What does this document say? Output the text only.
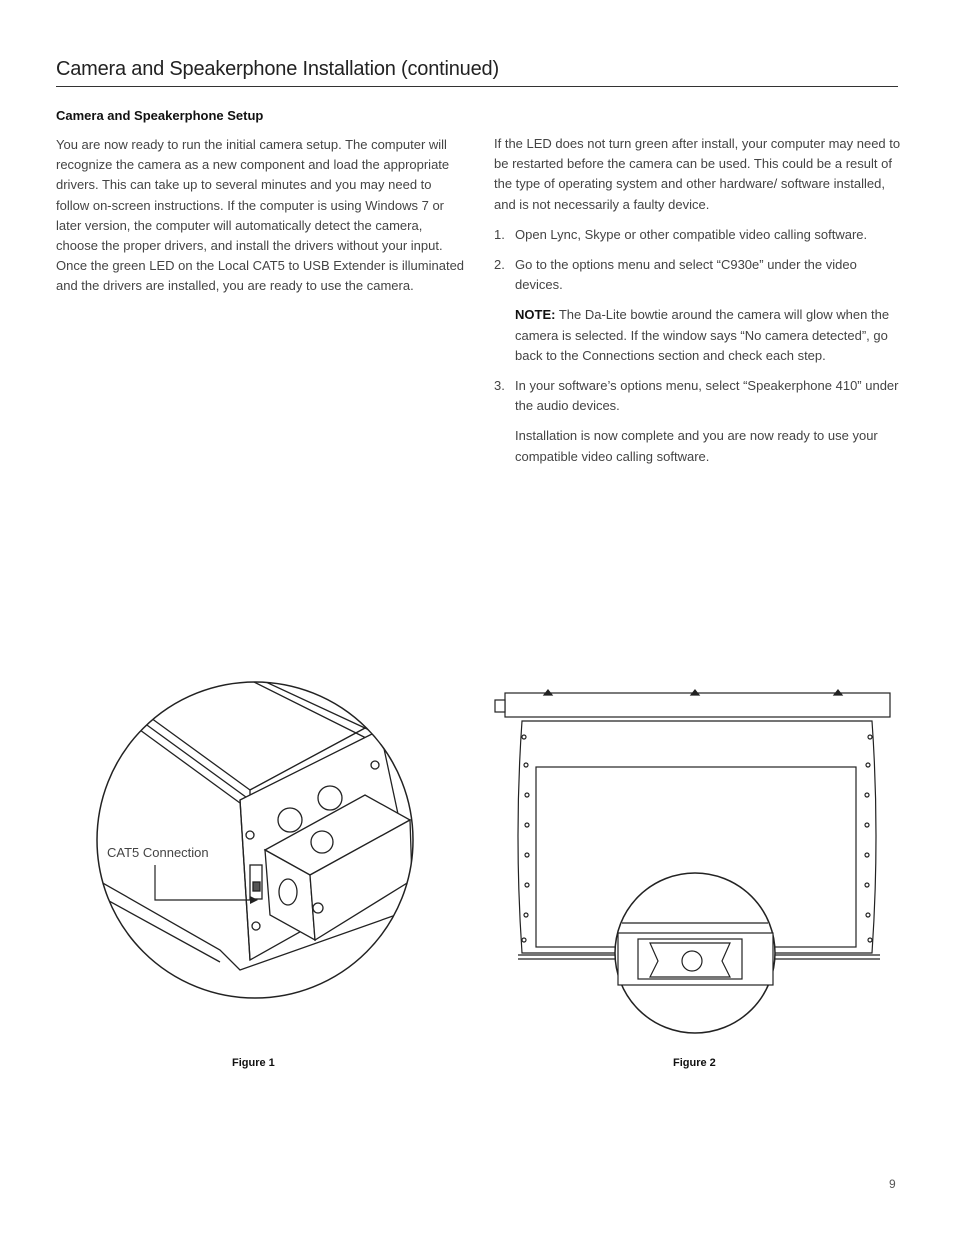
Camera and Speakerphone Installation (continued)
Camera and Speakerphone Setup

You are now ready to run the initial camera setup. The computer will recognize the camera as a new component and load the appropriate drivers. This can take up to several minutes and you may need to follow on-screen instructions. If the computer is using Windows 7 or later version, the computer will automatically detect the camera, choose the proper drivers, and install the drivers without your input. Once the green LED on the Local CAT5 to USB Extender is illuminated and the drivers are installed, you are ready to use the camera.

If the LED does not turn green after install, your computer may need to be restarted before the camera can be used. This could be a result of the type of operating system and other hardware/ software installed, and is not necessarily a faulty device.

1. Open Lync, Skype or other compatible video calling software.
2. Go to the options menu and select “C930e” under the video devices.
NOTE: The Da-Lite bowtie around the camera will glow when the camera is selected. If the window says “No camera detected”, go back to the Connections section and check each step.
3. In your software’s options menu, select “Speakerphone 410” under the audio devices.
Installation is now complete and you are now ready to use your compatible video calling software.
CAT5 Connection
Figure 1	Figure 2
9
